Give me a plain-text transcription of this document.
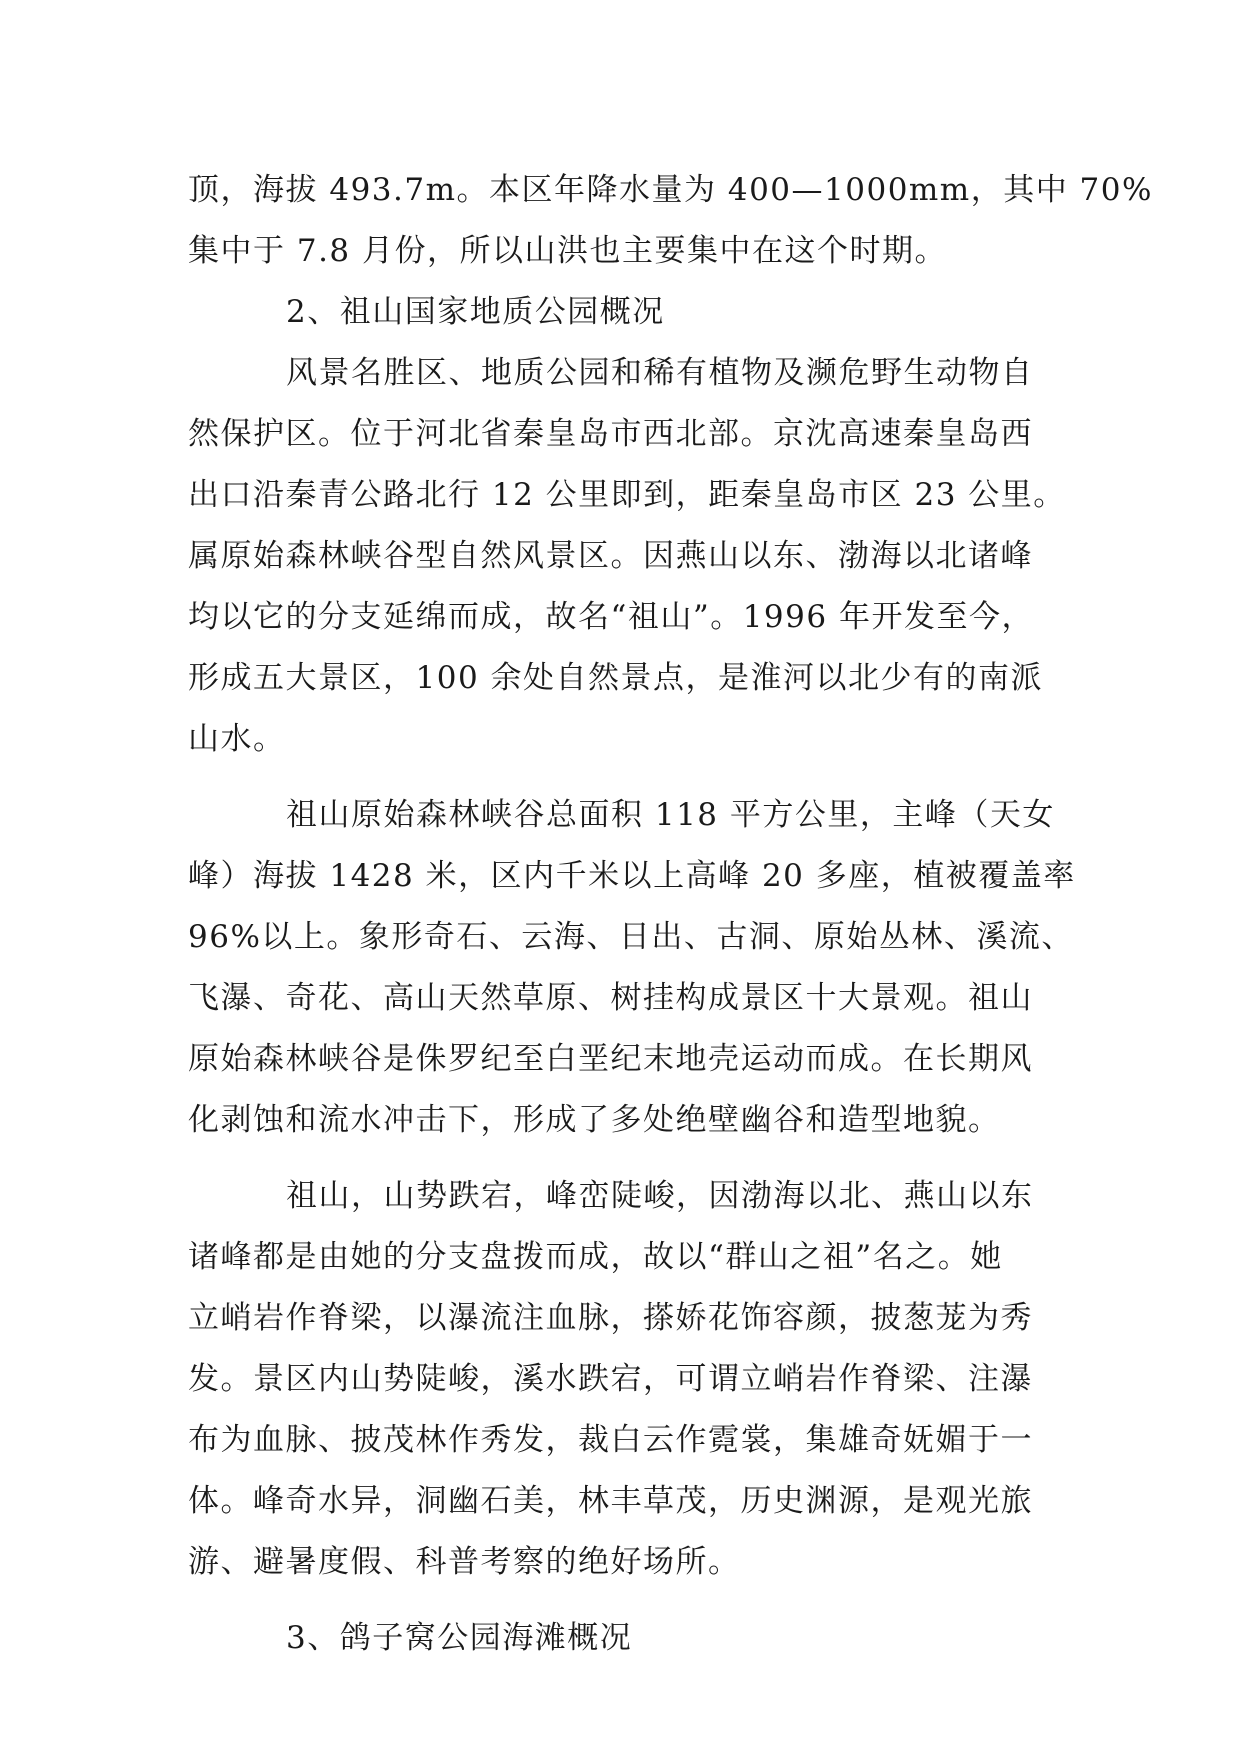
顶，海拔 493.7m。本区年降水量为 400—1000mm，其中 70%
集中于 7.8 月份，所以山洪也主要集中在这个时期。
2、祖山国家地质公园概况
风景名胜区、地质公园和稀有植物及濒危野生动物自
然保护区。位于河北省秦皇岛市西北部。京沈高速秦皇岛西
出口沿秦青公路北行 12 公里即到，距秦皇岛市区 23 公里。
属原始森林峡谷型自然风景区。因燕山以东、渤海以北诸峰
均以它的分支延绵而成，故名“祖山”。1996 年开发至今，
形成五大景区，100 余处自然景点，是淮河以北少有的南派
山水。
祖山原始森林峡谷总面积 118 平方公里，主峰（天女
峰）海拔 1428 米，区内千米以上高峰 20 多座，植被覆盖率
96%以上。象形奇石、云海、日出、古洞、原始丛林、溪流、
飞瀑、奇花、高山天然草原、树挂构成景区十大景观。祖山
原始森林峡谷是侏罗纪至白垩纪末地壳运动而成。在长期风
化剥蚀和流水冲击下，形成了多处绝壁幽谷和造型地貌。
祖山，山势跌宕，峰峦陡峻，因渤海以北、燕山以东
诸峰都是由她的分支盘拨而成，故以“群山之祖”名之。她
立峭岩作脊梁，以瀑流注血脉，搽娇花饰容颜，披葱茏为秀
发。景区内山势陡峻，溪水跌宕，可谓立峭岩作脊梁、注瀑
布为血脉、披茂林作秀发，裁白云作霓裳，集雄奇妩媚于一
体。峰奇水异，洞幽石美，林丰草茂，历史渊源，是观光旅
游、避暑度假、科普考察的绝好场所。
3、鸽子窝公园海滩概况
